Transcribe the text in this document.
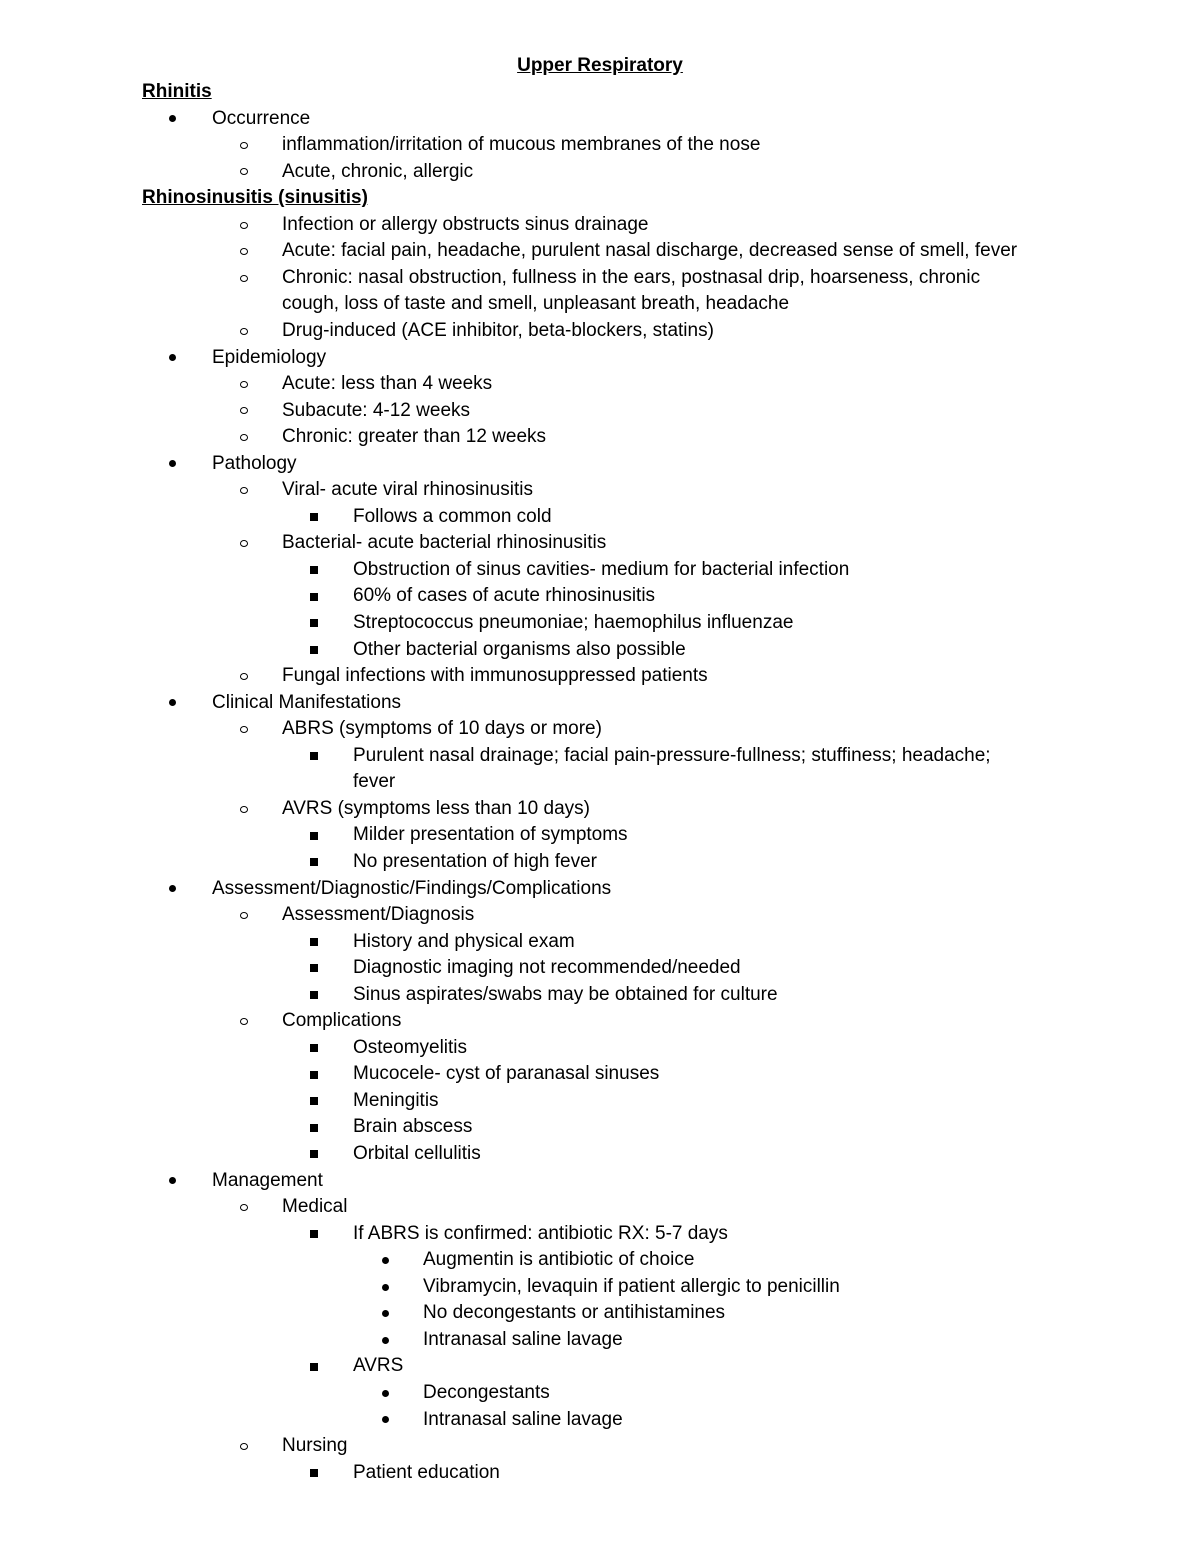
Upper Respiratory
Rhinitis
Occurrence
inflammation/irritation of mucous membranes of the nose
Acute, chronic, allergic
Rhinosinusitis (sinusitis)
Infection or allergy obstructs sinus drainage
Acute: facial pain, headache, purulent nasal discharge, decreased sense of smell, fever
Chronic: nasal obstruction, fullness in the ears, postnasal drip, hoarseness, chronic
cough, loss of taste and smell, unpleasant breath, headache
Drug-induced (ACE inhibitor, beta-blockers, statins)
Epidemiology
Acute: less than 4 weeks
Subacute: 4-12 weeks
Chronic: greater than 12 weeks
Pathology
Viral- acute viral rhinosinusitis
Follows a common cold
Bacterial- acute bacterial rhinosinusitis
Obstruction of sinus cavities- medium for bacterial infection
60% of cases of acute rhinosinusitis
Streptococcus pneumoniae; haemophilus influenzae
Other bacterial organisms also possible
Fungal infections with immunosuppressed patients
Clinical Manifestations
ABRS (symptoms of 10 days or more)
Purulent nasal drainage; facial pain-pressure-fullness; stuffiness; headache;
fever
AVRS (symptoms less than 10 days)
Milder presentation of symptoms
No presentation of high fever
Assessment/Diagnostic/Findings/Complications
Assessment/Diagnosis
History and physical exam
Diagnostic imaging not recommended/needed
Sinus aspirates/swabs may be obtained for culture
Complications
Osteomyelitis
Mucocele- cyst of paranasal sinuses
Meningitis
Brain abscess
Orbital cellulitis
Management
Medical
If ABRS is confirmed: antibiotic RX: 5-7 days
Augmentin is antibiotic of choice
Vibramycin, levaquin if patient allergic to penicillin
No decongestants or antihistamines
Intranasal saline lavage
AVRS
Decongestants
Intranasal saline lavage
Nursing
Patient education
